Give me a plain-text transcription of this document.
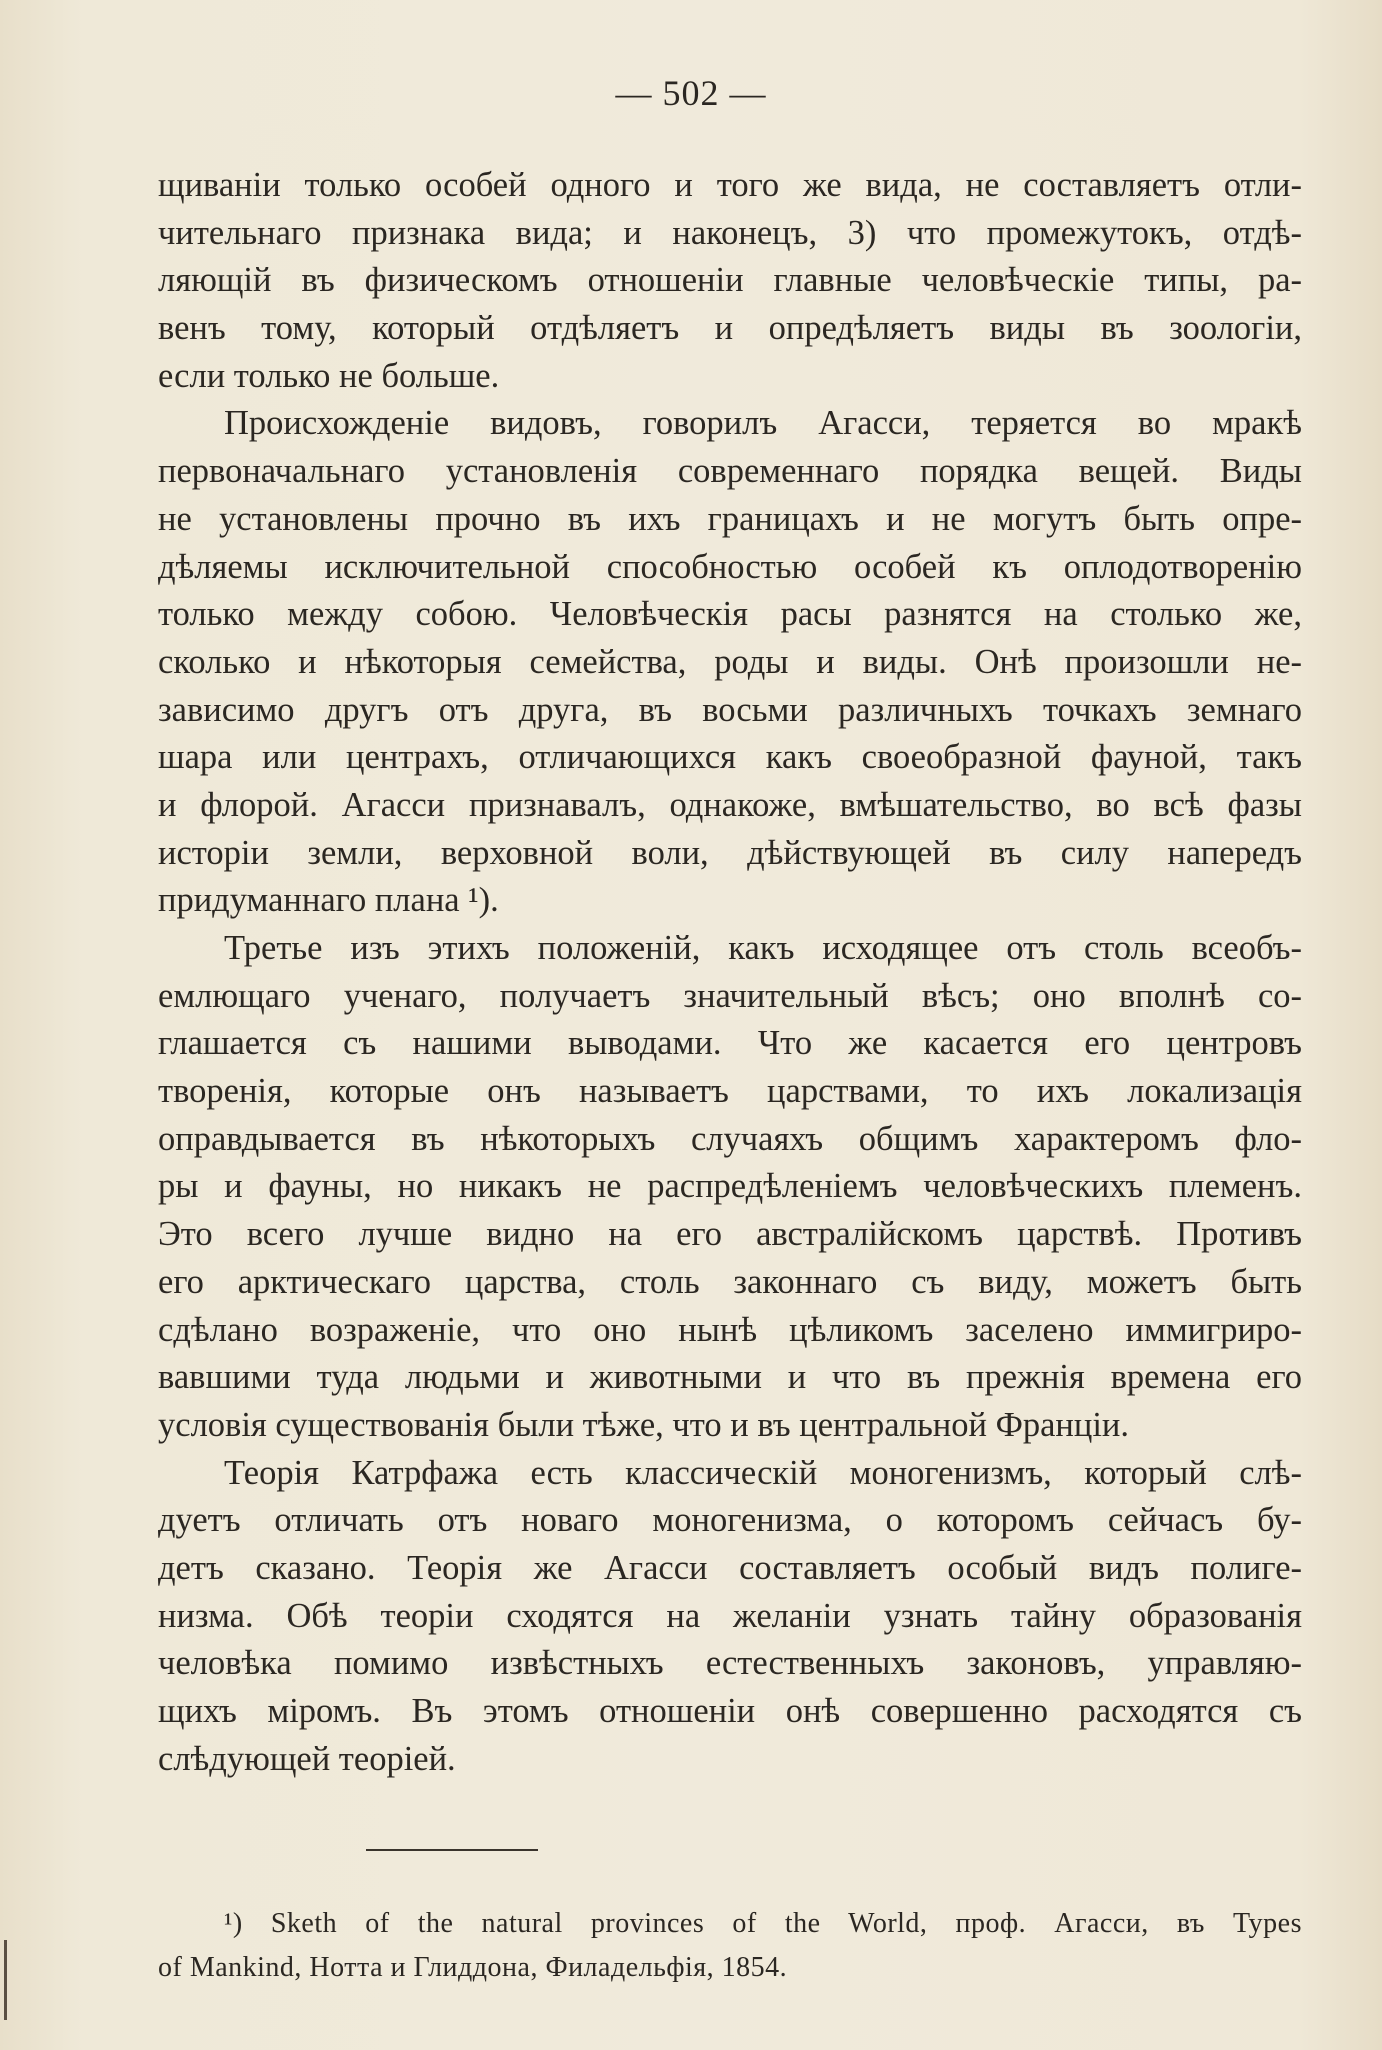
— 502 —
щиваніи только особей одного и того же вида, не составляетъ отли-
чительнаго признака вида; и наконецъ, 3) что промежутокъ, отдѣ-
ляющій въ физическомъ отношеніи главные человѣческіе типы, ра-
венъ тому, который отдѣляетъ и опредѣляетъ виды въ зоологіи,
если только не больше.
Происхожденіе видовъ, говорилъ Агасси, теряется во мракѣ
первоначальнаго установленія современнаго порядка вещей. Виды
не установлены прочно въ ихъ границахъ и не могутъ быть опре-
дѣляемы исключительной способностью особей къ оплодотворенію
только между собою. Человѣческія расы разнятся на столько же,
сколько и нѣкоторыя семейства, роды и виды. Онѣ произошли не-
зависимо другъ отъ друга, въ восьми различныхъ точкахъ земнаго
шара или центрахъ, отличающихся какъ своеобразной фауной, такъ
и флорой. Агасси признавалъ, однакоже, вмѣшательство, во всѣ фазы
исторіи земли, верховной воли, дѣйствующей въ силу напередъ
придуманнаго плана ¹).
Третье изъ этихъ положеній, какъ исходящее отъ столь всеобъ-
емлющаго ученаго, получаетъ значительный вѣсъ; оно вполнѣ со-
глашается съ нашими выводами. Что же касается его центровъ
творенія, которые онъ называетъ царствами, то ихъ локализація
оправдывается въ нѣкоторыхъ случаяхъ общимъ характеромъ фло-
ры и фауны, но никакъ не распредѣленіемъ человѣческихъ племенъ.
Это всего лучше видно на его австралійскомъ царствѣ. Противъ
его арктическаго царства, столь законнаго съ виду, можетъ быть
сдѣлано возраженіе, что оно нынѣ цѣликомъ заселено иммигриро-
вавшими туда людьми и животными и что въ прежнія времена его
условія существованія были тѣже, что и въ центральной Франціи.
Теорія Катрфажа есть классическій моногенизмъ, который слѣ-
дуетъ отличать отъ новаго моногенизма, о которомъ сейчасъ бу-
детъ сказано. Теорія же Агасси составляетъ особый видъ полиге-
низма. Обѣ теоріи сходятся на желаніи узнать тайну образованія
человѣка помимо извѣстныхъ естественныхъ законовъ, управляю-
щихъ міромъ. Въ этомъ отношеніи онѣ совершенно расходятся съ
слѣдующей теоріей.
¹) Sketh of the natural provinces of the World, проф. Агасси, въ Types
of Mankind, Нотта и Глиддона, Филадельфія, 1854.
